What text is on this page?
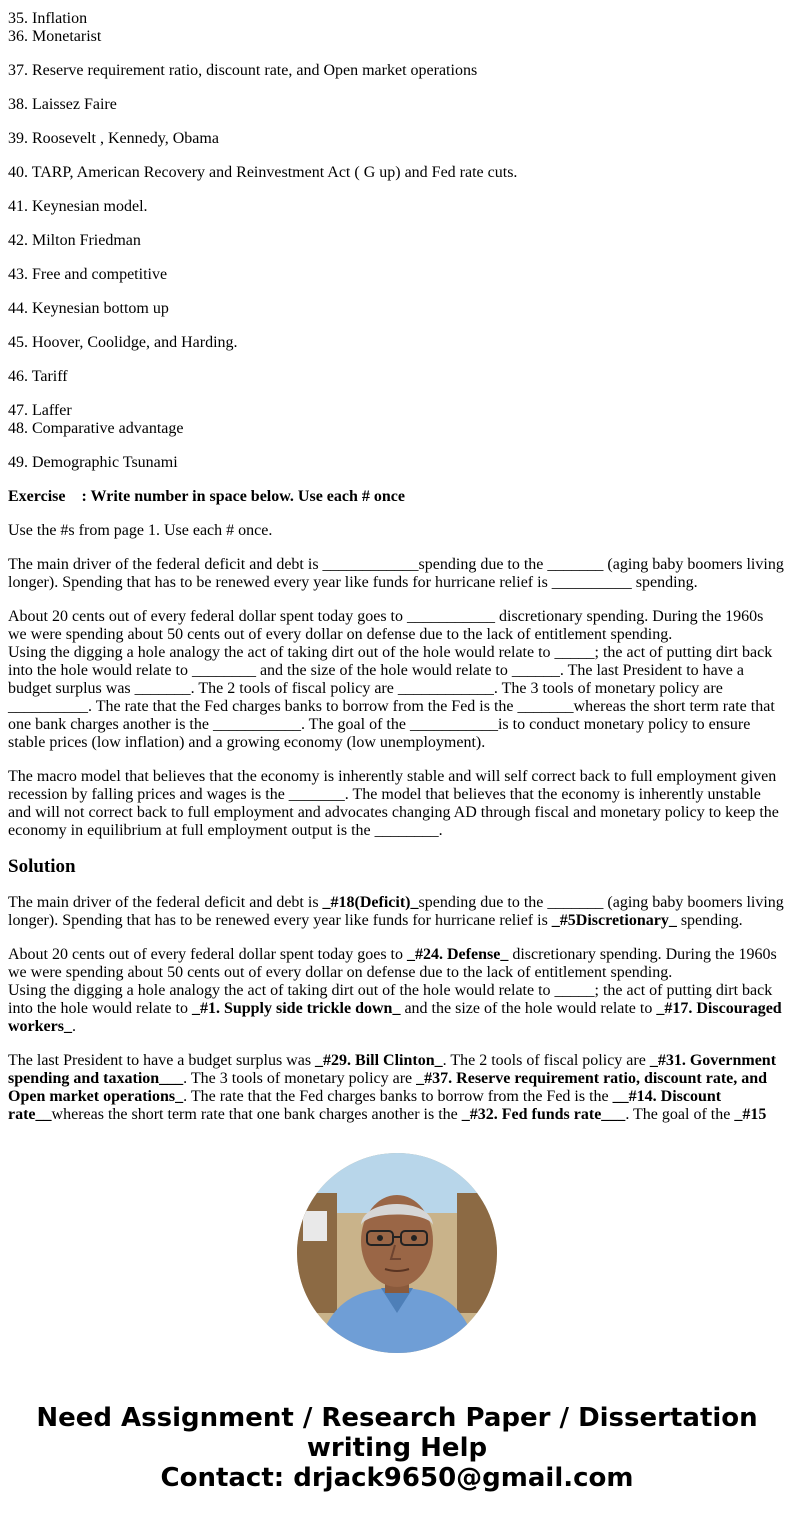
35. Inflation

36. Monetarist

37. Reserve requirement ratio, discount rate, and Open market operations

38. Laissez Faire

39. Roosevelt , Kennedy, Obama

40. TARP, American Recovery and Reinvestment Act ( G up) and Fed rate cuts.

41. Keynesian model.

42. Milton Friedman

43. Free and competitive

44. Keynesian bottom up

45. Hoover, Coolidge, and Harding.

46. Tariff

47. Laffer

48. Comparative advantage

49. Demographic Tsunami

Exercise    : Write number in space below. Use each # once

Use the #s from page 1. Use each # once.

The main driver of the federal deficit and debt is ____________spending due to the _______ (aging baby boomers living longer). Spending that has to be renewed every year like funds for hurricane relief is __________ spending.

About 20 cents out of every federal dollar spent today goes to ___________ discretionary spending. During the 1960s we were spending about 50 cents out of every dollar on defense due to the lack of entitlement spending.
Using the digging a hole analogy the act of taking dirt out of the hole would relate to _____; the act of putting dirt back into the hole would relate to ________ and the size of the hole would relate to ______. The last President to have a budget surplus was _______. The 2 tools of fiscal policy are ____________. The 3 tools of monetary policy are __________. The rate that the Fed charges banks to borrow from the Fed is the _______whereas the short term rate that one bank charges another is the ___________. The goal of the ___________is to conduct monetary policy to ensure stable prices (low inflation) and a growing economy (low unemployment).

The macro model that believes that the economy is inherently stable and will self correct back to full employment given recession by falling prices and wages is the _______. The model that believes that the economy is inherently unstable and will not correct back to full employment and advocates changing AD through fiscal and monetary policy to keep the economy in equilibrium at full employment output is the ________.

Solution

The main driver of the federal deficit and debt is _#18(Deficit)_spending due to the _______ (aging baby boomers living longer). Spending that has to be renewed every year like funds for hurricane relief is _#5Discretionary_ spending.

About 20 cents out of every federal dollar spent today goes to _#24. Defense_ discretionary spending. During the 1960s we were spending about 50 cents out of every dollar on defense due to the lack of entitlement spending.
Using the digging a hole analogy the act of taking dirt out of the hole would relate to _____; the act of putting dirt back into the hole would relate to _#1. Supply side trickle down_ and the size of the hole would relate to _#17. Discouraged workers_.

The last President to have a budget surplus was _#29. Bill Clinton_. The 2 tools of fiscal policy are _#31. Government spending and taxation___. The 3 tools of monetary policy are _#37. Reserve requirement ratio, discount rate, and Open market operations_. The rate that the Fed charges banks to borrow from the Fed is the __#14. Discount rate__whereas the short term rate that one bank charges another is the _#32. Fed funds rate___. The goal of the _#15

Need Assignment / Research Paper / Dissertation writing Help
Contact: drjack9650@gmail.com
